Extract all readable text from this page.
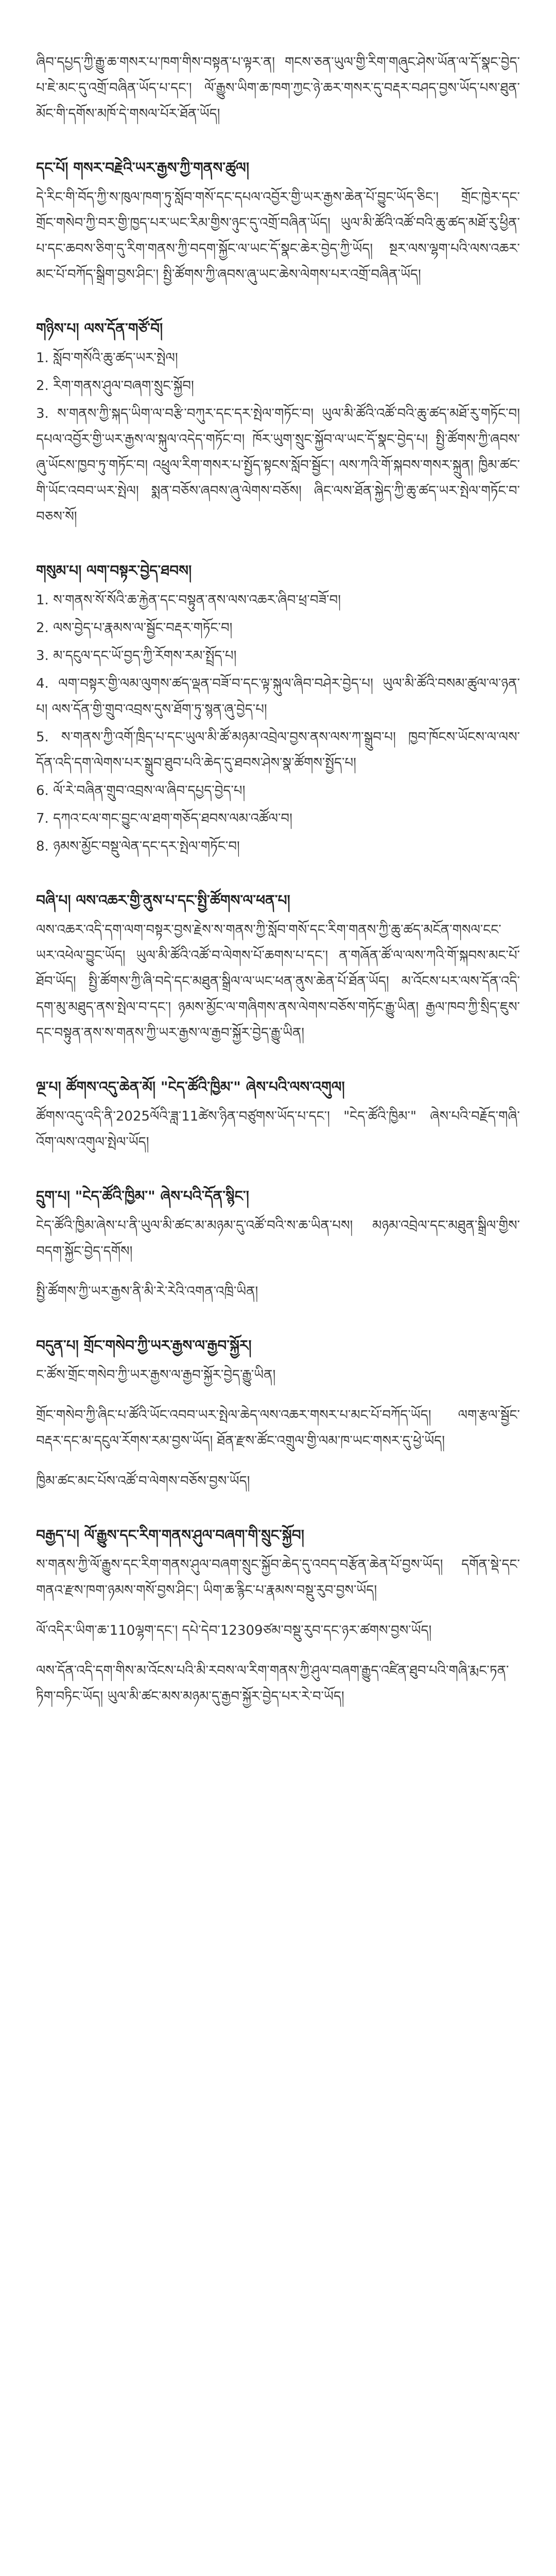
ཞིབ་དཔྱད་ཀྱི་རྒྱུ་ཆ་གསར་པ་ཁག་གིས་བསྟན་པ་ལྟར་ན། གངས་ཅན་ཡུལ་གྱི་རིག་གཞུང་ཤེས་ཡོན་ལ་དོ་སྣང་བྱེད་པ་ཇེ་མང་དུ་འགྲོ་བཞིན་ཡོད་པ་དང་། ལོ་རྒྱུས་ཡིག་ཆ་ཁག་ཀྱང་ཉེ་ཆར་གསར་དུ་བརྡར་བཤད་བྱས་ཡོད་པས་ཐུན་མོང་གི་དགོས་མཁོ་དེ་གསལ་པོར་ཐོན་ཡོད།

དང་པོ། གསར་བརྗེའི་ཡར་རྒྱས་ཀྱི་གནས་ཚུལ།

དེ་རིང་གི་བོད་ཀྱི་ས་ཁུལ་ཁག་ཏུ་སློབ་གསོ་དང་དཔལ་འབྱོར་གྱི་ཡར་རྒྱས་ཆེན་པོ་བྱུང་ཡོད་ཅིང་། གྲོང་ཁྱེར་དང་གྲོང་གསེབ་ཀྱི་བར་གྱི་ཁྱད་པར་ཡང་རིམ་གྱིས་ཉུང་དུ་འགྲོ་བཞིན་ཡོད། ཡུལ་མི་ཚོའི་འཚོ་བའི་ཆུ་ཚད་མཐོ་རུ་ཕྱིན་པ་དང་ཆབས་ཅིག་དུ་རིག་གནས་ཀྱི་བདག་སྐྱོང་ལ་ཡང་དོ་སྣང་ཆེར་བྱེད་ཀྱི་ཡོད། སྔར་ལས་ལྷག་པའི་ལས་འཆར་མང་པོ་བཀོད་སྒྲིག་བྱས་ཤིང་། སྤྱི་ཚོགས་ཀྱི་ཞབས་ཞུ་ཡང་ཆེས་ལེགས་པར་འགྲོ་བཞིན་ཡོད།

གཉིས་པ། ལས་དོན་གཙོ་བོ།
1. སློབ་གསོའི་ཆུ་ཚད་ཡར་སྤེལ།
2. རིག་གནས་ཤུལ་བཞག་སྲུང་སྐྱོབ།
3. ས་གནས་ཀྱི་སྐད་ཡིག་ལ་བརྩི་བཀུར་དང་དར་སྤེལ་གཏོང་བ། ཡུལ་མི་ཚོའི་འཚོ་བའི་ཆུ་ཚད་མཐོ་རུ་གཏོང་བ། དཔལ་འབྱོར་གྱི་ཡར་རྒྱས་ལ་སྐུལ་འདེད་གཏོང་བ། ཁོར་ཡུག་སྲུང་སྐྱོབ་ལ་ཡང་དོ་སྣང་བྱེད་པ། སྤྱི་ཚོགས་ཀྱི་ཞབས་ཞུ་ཡོངས་ཁྱབ་ཏུ་གཏོང་བ། འཕྲུལ་རིག་གསར་པ་སྤྱོད་སྟངས་སློབ་སྦྱོང་། ལས་ཀའི་གོ་སྐབས་གསར་སྐྲུན། ཁྱིམ་ཚང་གི་ཡོང་འབབ་ཡར་སྤེལ། སྨན་བཅོས་ཞབས་ཞུ་ལེགས་བཅོས། ཞིང་ལས་ཐོན་སྐྱེད་ཀྱི་ཆུ་ཚད་ཡར་སྤེལ་གཏོང་བ་བཅས་སོ།
གསུམ་པ། ལག་བསྟར་བྱེད་ཐབས།
1. ས་གནས་སོ་སོའི་ཆ་རྐྱེན་དང་བསྟུན་ནས་ལས་འཆར་ཞིབ་ཕྲ་བཟོ་བ།
2. ལས་བྱེད་པ་རྣམས་ལ་སྦྱོང་བརྡར་གཏོང་བ།
3. མ་དངུལ་དང་ཡོ་བྱད་ཀྱི་རོགས་རམ་སྤྲོད་པ།
4. ལག་བསྟར་གྱི་ལམ་ལུགས་ཚད་ལྡན་བཟོ་བ་དང་ལྟ་སྐུལ་ཞིབ་བཤེར་བྱེད་པ། ཡུལ་མི་ཚོའི་བསམ་ཚུལ་ལ་ཉན་པ། ལས་དོན་གྱི་གྲུབ་འབྲས་དུས་ཐོག་ཏུ་སྙན་ཞུ་བྱེད་པ།
5. ས་གནས་ཀྱི་འགོ་ཁྲིད་པ་དང་ཡུལ་མི་ཚོ་མཉམ་འབྲེལ་བྱས་ནས་ལས་ཀ་སྒྲུབ་པ། ཁྱབ་ཁོངས་ཡོངས་ལ་ལས་དོན་འདི་དག་ལེགས་པར་སྒྲུབ་ཐུབ་པའི་ཆེད་དུ་ཐབས་ཤེས་སྣ་ཚོགས་སྤྱོད་པ།
6. ལོ་རེ་བཞིན་གྲུབ་འབྲས་ལ་ཞིབ་དཔྱད་བྱེད་པ།
7. དཀའ་ངལ་གང་བྱུང་ལ་ཐག་གཅོད་ཐབས་ལམ་འཚོལ་བ།
8. ཉམས་མྱོང་བསྡུ་ལེན་དང་དར་སྤེལ་གཏོང་བ།
བཞི་པ། ལས་འཆར་གྱི་ནུས་པ་དང་སྤྱི་ཚོགས་ལ་ཕན་པ།

ལས་འཆར་འདི་དག་ལག་བསྟར་བྱས་རྗེས་ས་གནས་ཀྱི་སློབ་གསོ་དང་རིག་གནས་ཀྱི་ཆུ་ཚད་མངོན་གསལ་ངང་ཡར་འཕེལ་བྱུང་ཡོད། ཡུལ་མི་ཚོའི་འཚོ་བ་ལེགས་པོ་ཆགས་པ་དང་། ན་གཞོན་ཚོ་ལ་ལས་ཀའི་གོ་སྐབས་མང་པོ་ཐོབ་ཡོད། སྤྱི་ཚོགས་ཀྱི་ཞི་བདེ་དང་མཐུན་སྒྲིལ་ལ་ཡང་ཕན་ནུས་ཆེན་པོ་ཐོན་ཡོད། མ་འོངས་པར་ལས་དོན་འདི་དག་མུ་མཐུད་ནས་སྤེལ་བ་དང་། ཉམས་མྱོང་ལ་གཞིགས་ནས་ལེགས་བཅོས་གཏོང་རྒྱུ་ཡིན། རྒྱལ་ཁབ་ཀྱི་སྲིད་ཇུས་དང་བསྟུན་ནས་ས་གནས་ཀྱི་ཡར་རྒྱས་ལ་རྒྱབ་སྐྱོར་བྱེད་རྒྱུ་ཡིན།

ལྔ་པ། ཚོགས་འདུ་ཆེན་མོ། "ངེད་ཚོའི་ཁྱིམ་" ཞེས་པའི་ལས་འགུལ།

ཚོགས་འདུ་འདི་ནི་2025ལོའི་ཟླ་11ཚེས་ཉིན་བཙུགས་ཡོད་པ་དང་། "ངེད་ཚོའི་ཁྱིམ་" ཞེས་པའི་བརྗོད་གཞི་འོག་ལས་འགུལ་སྤེལ་ཡོད།

དྲུག་པ། "ངེད་ཚོའི་ཁྱིམ་" ཞེས་པའི་དོན་སྙིང་།

ངེད་ཚོའི་ཁྱིམ་ཞེས་པ་ནི་ཡུལ་མི་ཚང་མ་མཉམ་དུ་འཚོ་བའི་ས་ཆ་ཡིན་པས། མཉམ་འབྲེལ་དང་མཐུན་སྒྲིལ་གྱིས་བདག་སྐྱོང་བྱེད་དགོས།

སྤྱི་ཚོགས་ཀྱི་ཡར་རྒྱས་ནི་མི་རེ་རེའི་འགན་འཁྲི་ཡིན།

བདུན་པ། གྲོང་གསེབ་ཀྱི་ཡར་རྒྱས་ལ་རྒྱབ་སྐྱོར།

ང་ཚོས་གྲོང་གསེབ་ཀྱི་ཡར་རྒྱས་ལ་རྒྱབ་སྐྱོར་བྱེད་རྒྱུ་ཡིན།

གྲོང་གསེབ་ཀྱི་ཞིང་པ་ཚོའི་ཡོང་འབབ་ཡར་སྤེལ་ཆེད་ལས་འཆར་གསར་པ་མང་པོ་བཀོད་ཡོད། ལག་རྩལ་སྦྱོང་བརྡར་དང་མ་དངུལ་རོགས་རམ་བྱས་ཡོད། ཐོན་རྫས་ཚོང་འགྲུལ་གྱི་ལམ་ཁ་ཡང་གསར་དུ་ཕྱེ་ཡོད།

ཁྱིམ་ཚང་མང་པོས་འཚོ་བ་ལེགས་བཅོས་བྱས་ཡོད།

བརྒྱད་པ། ལོ་རྒྱུས་དང་རིག་གནས་ཤུལ་བཞག་གི་སྲུང་སྐྱོབ།

ས་གནས་ཀྱི་ལོ་རྒྱུས་དང་རིག་གནས་ཤུལ་བཞག་སྲུང་སྐྱོབ་ཆེད་དུ་འབད་བརྩོན་ཆེན་པོ་བྱས་ཡོད། དགོན་སྡེ་དང་གནའ་རྫས་ཁག་ཉམས་གསོ་བྱས་ཤིང་། ཡིག་ཆ་རྙིང་པ་རྣམས་བསྡུ་རུབ་བྱས་ཡོད།

ལོ་འདིར་ཡིག་ཆ་110ལྷག་དང་། དཔེ་དེབ་12309ཙམ་བསྡུ་རུབ་དང་ཉར་ཚགས་བྱས་ཡོད།

ལས་དོན་འདི་དག་གིས་མ་འོངས་པའི་མི་རབས་ལ་རིག་གནས་ཀྱི་ཤུལ་བཞག་རྒྱུད་འཛིན་ཐུབ་པའི་གཞི་རྨང་ཏན་ཏིག་བཏིང་ཡོད། ཡུལ་མི་ཚང་མས་མཉམ་དུ་རྒྱབ་སྐྱོར་བྱེད་པར་རེ་བ་ཡོད།
